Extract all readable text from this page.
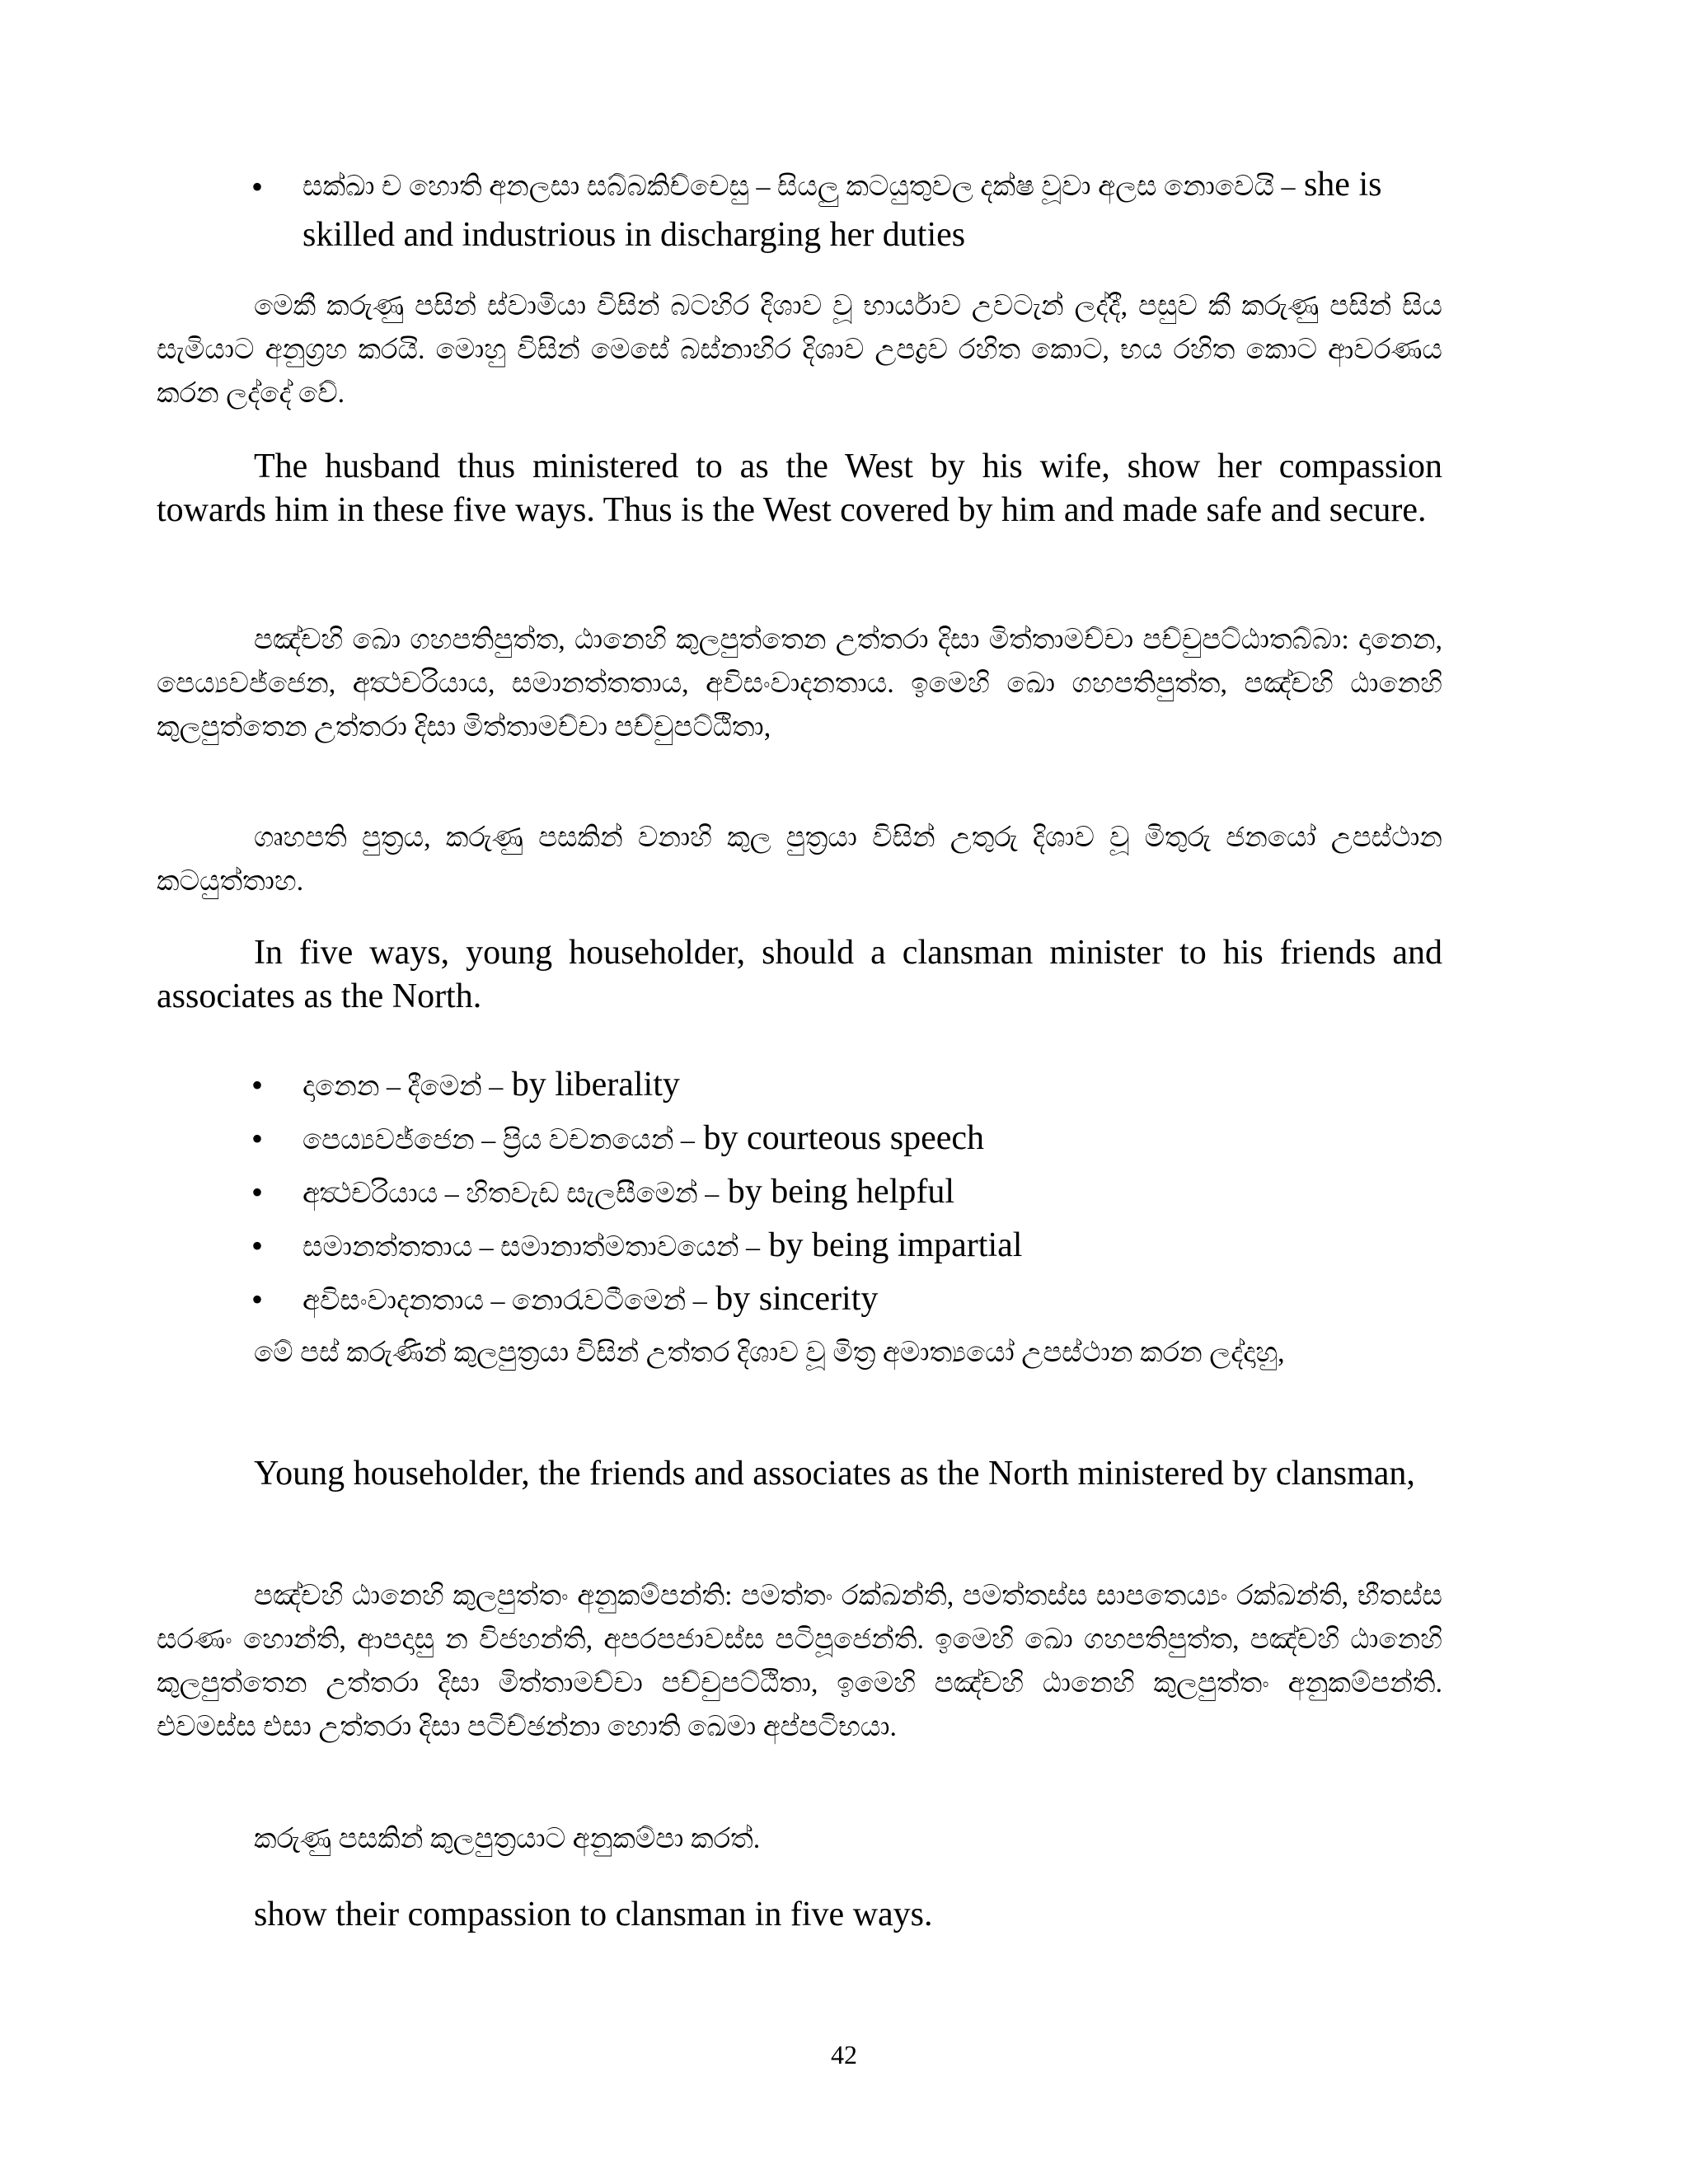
• සක්ඛා ච හොති අනලසා සබ්බකිච්චෙසු – සියලු කටයුතුවල දක්ෂ වූවා අලස නොවෙයි – she is skilled and industrious in discharging her duties

මෙකී කරුණු පසින් ස්වාමියා විසින් බටහිර දිශාව වූ භාර්යාව උවටැන් ලද්දී, පසුව කී කරුණු පසින් සිය සැමියාට අනුග්‍රහ කරයි. මොහු විසින් මෙසේ බස්නාහිර දිශාව උපද්‍රව රහිත කොට, භය රහිත කොට ආවරණය කරන ලද්දේ වේ.

The husband thus ministered to as the West by his wife, show her compassion towards him in these five ways. Thus is the West covered by him and made safe and secure.

පඤ්චහි ඛො ගහපතිපුත්ත, ඨානෙහි කුලපුත්තෙන උත්තරා දිසා මිත්තාමච්චා පච්චුපට්ඨාතබ්බා: දානෙන, පෙය්‍යවජ්ජෙන, අත්‍ථචරියාය, සමානත්තතාය, අවිසංවාදනතාය. ඉමෙහි ඛො ගහපතිපුත්ත, පඤ්චහි ඨානෙහි කුලපුත්තෙන උත්තරා දිසා මිත්තාමච්චා පච්චුපට්ඨිතා,

ගෘහපති පුත්‍රය, කරුණු පසකින් වනාහි කුල පුත්‍රයා විසින් උතුරු දිශාව වූ මිතුරු ජනයෝ උපස්ථාන කටයුත්තාහ.

In five ways, young householder, should a clansman minister to his friends and associates as the North.

• දානෙන – දීමෙන් – by liberality
• පෙය්‍යවජ්ජෙන – ප්‍රිය වචනයෙන් – by courteous speech
• අත්‍ථචරියාය – හිතවැඩ සැලසීමෙන් – by being helpful
• සමානත්තතාය – සමානාත්මතාවයෙන් – by being impartial
• අවිසංවාදනතාය – නොරැවටීමෙන් – by sincerity

මේ පස් කරුණින් කුලපුත්‍රයා විසින් උත්තර දිශාව වූ මිත්‍ර අමාත්‍යයෝ උපස්ථාන කරන ලද්දාහු,

Young householder, the friends and associates as the North ministered by clansman,

පඤ්චහි ඨානෙහි කුලපුත්තං අනුකම්පන්ති: පමත්තං රක්ඛන්ති, පමත්තස්ස සාපතෙය්‍යං රක්ඛන්ති, භීතස්ස සරණං හොන්ති, ආපදාසු න විජහන්ති, අපරපජාවස්ස පටිපූජෙන්ති. ඉමෙහි ඛො ගහපතිපුත්ත, පඤ්චහි ඨානෙහි කුලපුත්තෙන උත්තරා දිසා මිත්තාමච්චා පච්චුපට්ඨිතා, ඉමෙහි පඤ්චහි ඨානෙහි කුලපුත්තං අනුකම්පන්ති. එවමස්ස එසා උත්තරා දිසා පටිච්ඡන්නා හොති ඛෙමා අප්පටිභයා.

කරුණු පසකින් කුලපුත්‍රයාට අනුකම්පා කරත්.

show their compassion to clansman in five ways.

42
